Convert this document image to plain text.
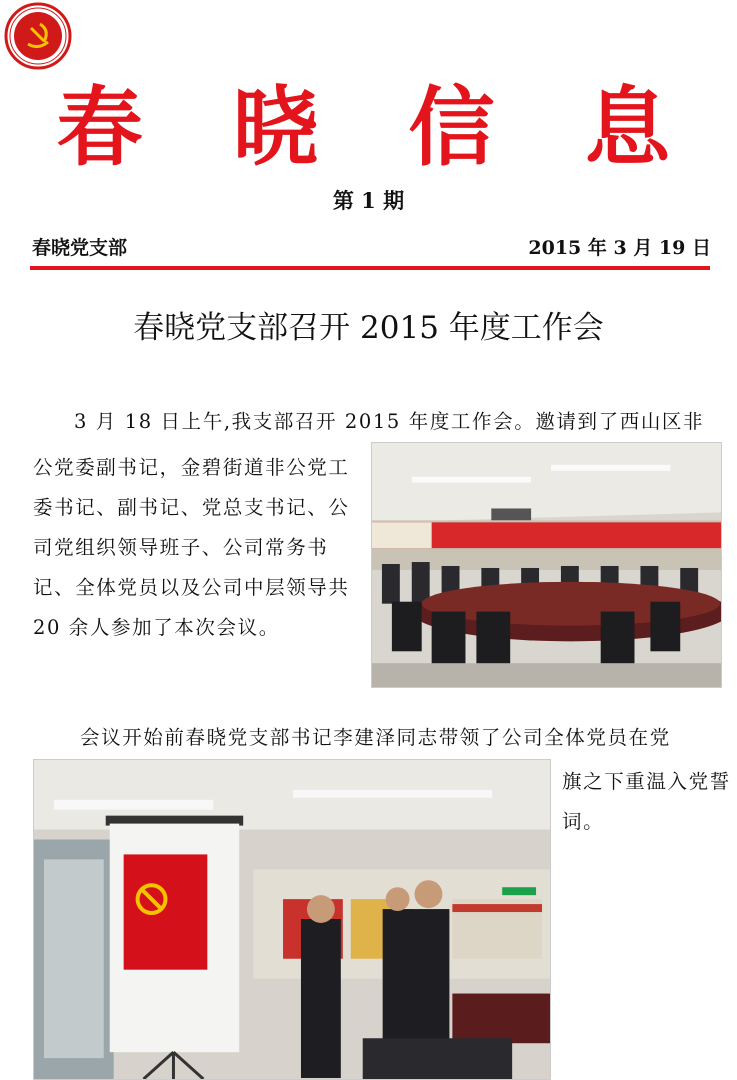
· · · ·
春 晓 信 息
第 1 期
春晓党支部	2015 年 3 月 19 日
春晓党支部召开 2015 年度工作会
3 月 18 日上午,我支部召开 2015 年度工作会。邀请到了西山区非
公党委副书记，金碧街道非公党工委书记、副书记、党总支书记、公司党组织领导班子、公司常务书记、全体党员以及公司中层领导共 20 余人参加了本次会议。
会议开始前春晓党支部书记李建泽同志带领了公司全体党员在党
旗之下重温入党誓词。
